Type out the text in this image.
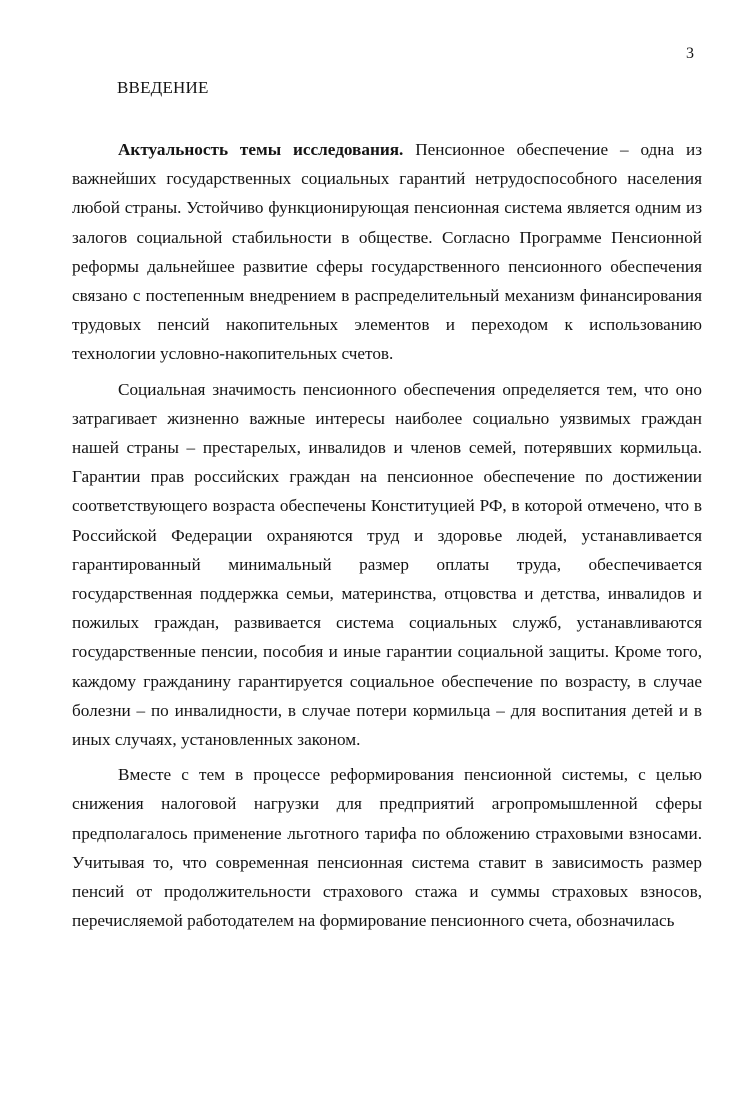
3
ВВЕДЕНИЕ

Актуальность темы исследования. Пенсионное обеспечение – одна из важнейших государственных социальных гарантий нетрудоспособного населения любой страны. Устойчиво функционирующая пенсионная система является одним из залогов социальной стабильности в обществе. Согласно Программе Пенсионной реформы дальнейшее развитие сферы государственного пенсионного обеспечения связано с постепенным внедрением в распределительный механизм финансирования трудовых пенсий накопительных элементов и переходом к использованию технологии условно-накопительных счетов.

Социальная значимость пенсионного обеспечения определяется тем, что оно затрагивает жизненно важные интересы наиболее социально уязвимых граждан нашей страны – престарелых, инвалидов и членов семей, потерявших кормильца. Гарантии прав российских граждан на пенсионное обеспечение по достижении соответствующего возраста обеспечены Конституцией РФ, в которой отмечено, что в Российской Федерации охраняются труд и здоровье людей, устанавливается гарантированный минимальный размер оплаты труда, обеспечивается государственная поддержка семьи, материнства, отцовства и детства, инвалидов и пожилых граждан, развивается система социальных служб, устанавливаются государственные пенсии, пособия и иные гарантии социальной защиты. Кроме того, каждому гражданину гарантируется социальное обеспечение по возрасту, в случае болезни – по инвалидности, в случае потери кормильца – для воспитания детей и в иных случаях, установленных законом.

Вместе с тем в процессе реформирования пенсионной системы, с целью снижения налоговой нагрузки для предприятий агропромышленной сферы предполагалось применение льготного тарифа по обложению страховыми взносами. Учитывая то, что современная пенсионная система ставит в зависимость размер пенсий от продолжительности страхового стажа и суммы страховых взносов, перечисляемой работодателем на формирование пенсионного счета, обозначилась
